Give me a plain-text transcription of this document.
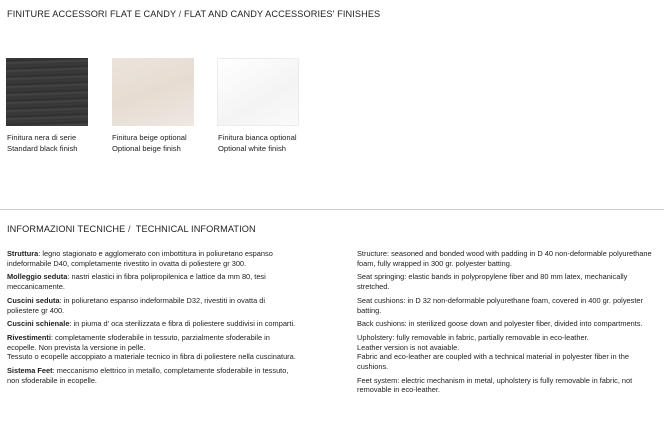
FINITURE ACCESSORI FLAT E CANDY / FLAT AND CANDY ACCESSORIES' FINISHES
Finitura nera di serie
Standard black finish
Finitura beige optional
Optional beige finish
Finitura bianca optional
Optional white finish
INFORMAZIONI TECNICHE /  TECHNICAL INFORMATION

Struttura: legno stagionato e agglomerato con imbottitura in poliuretano espanso indeformabile D40, completamente rivestito in ovatta di poliestere gr 300.

Molleggio seduta: nastri elastici in fibra polipropilenica e lattice da mm 80, tesi meccanicamente.

Cuscini seduta: in poliuretano espanso indeformabile D32, rivestiti in ovatta di poliestere gr 400.

Cuscini schienale: in piuma d' oca sterilizzata e fibra di poliestere suddivisi in comparti.

Rivestimenti: completamente sfoderabile in tessuto, parzialmente sfoderabile in ecopelle. Non prevista la versione in pelle.
Tessuto o ecopelle accoppiato a materiale tecnico in fibra di poliestere nella cuscinatura.

Sistema Feet: meccanismo elettrico in metallo, completamente sfoderabile in tessuto, non sfoderabile in ecopelle.

Structure: seasoned and bonded wood with padding in D 40 non-deformable polyurethane foam, fully wrapped in 300 gr. polyester batting.

Seat springing: elastic bands in polypropylene fiber and 80 mm latex, mechanically stretched.

Seat cushions: in D 32 non-deformable polyurethane foam, covered in 400 gr. polyester batting.

Back cushions: in sterilized goose down and polyester fiber, divided into compartments.

Upholstery: fully removable in fabric, partially removable in eco-leather.
Leather version is not avaiable.
Fabric and eco-leather are coupled with a technical material in polyester fiber in the cushions.

Feet system: electric mechanism in metal, upholstery is fully removable in fabric, not removable in eco-leather.
